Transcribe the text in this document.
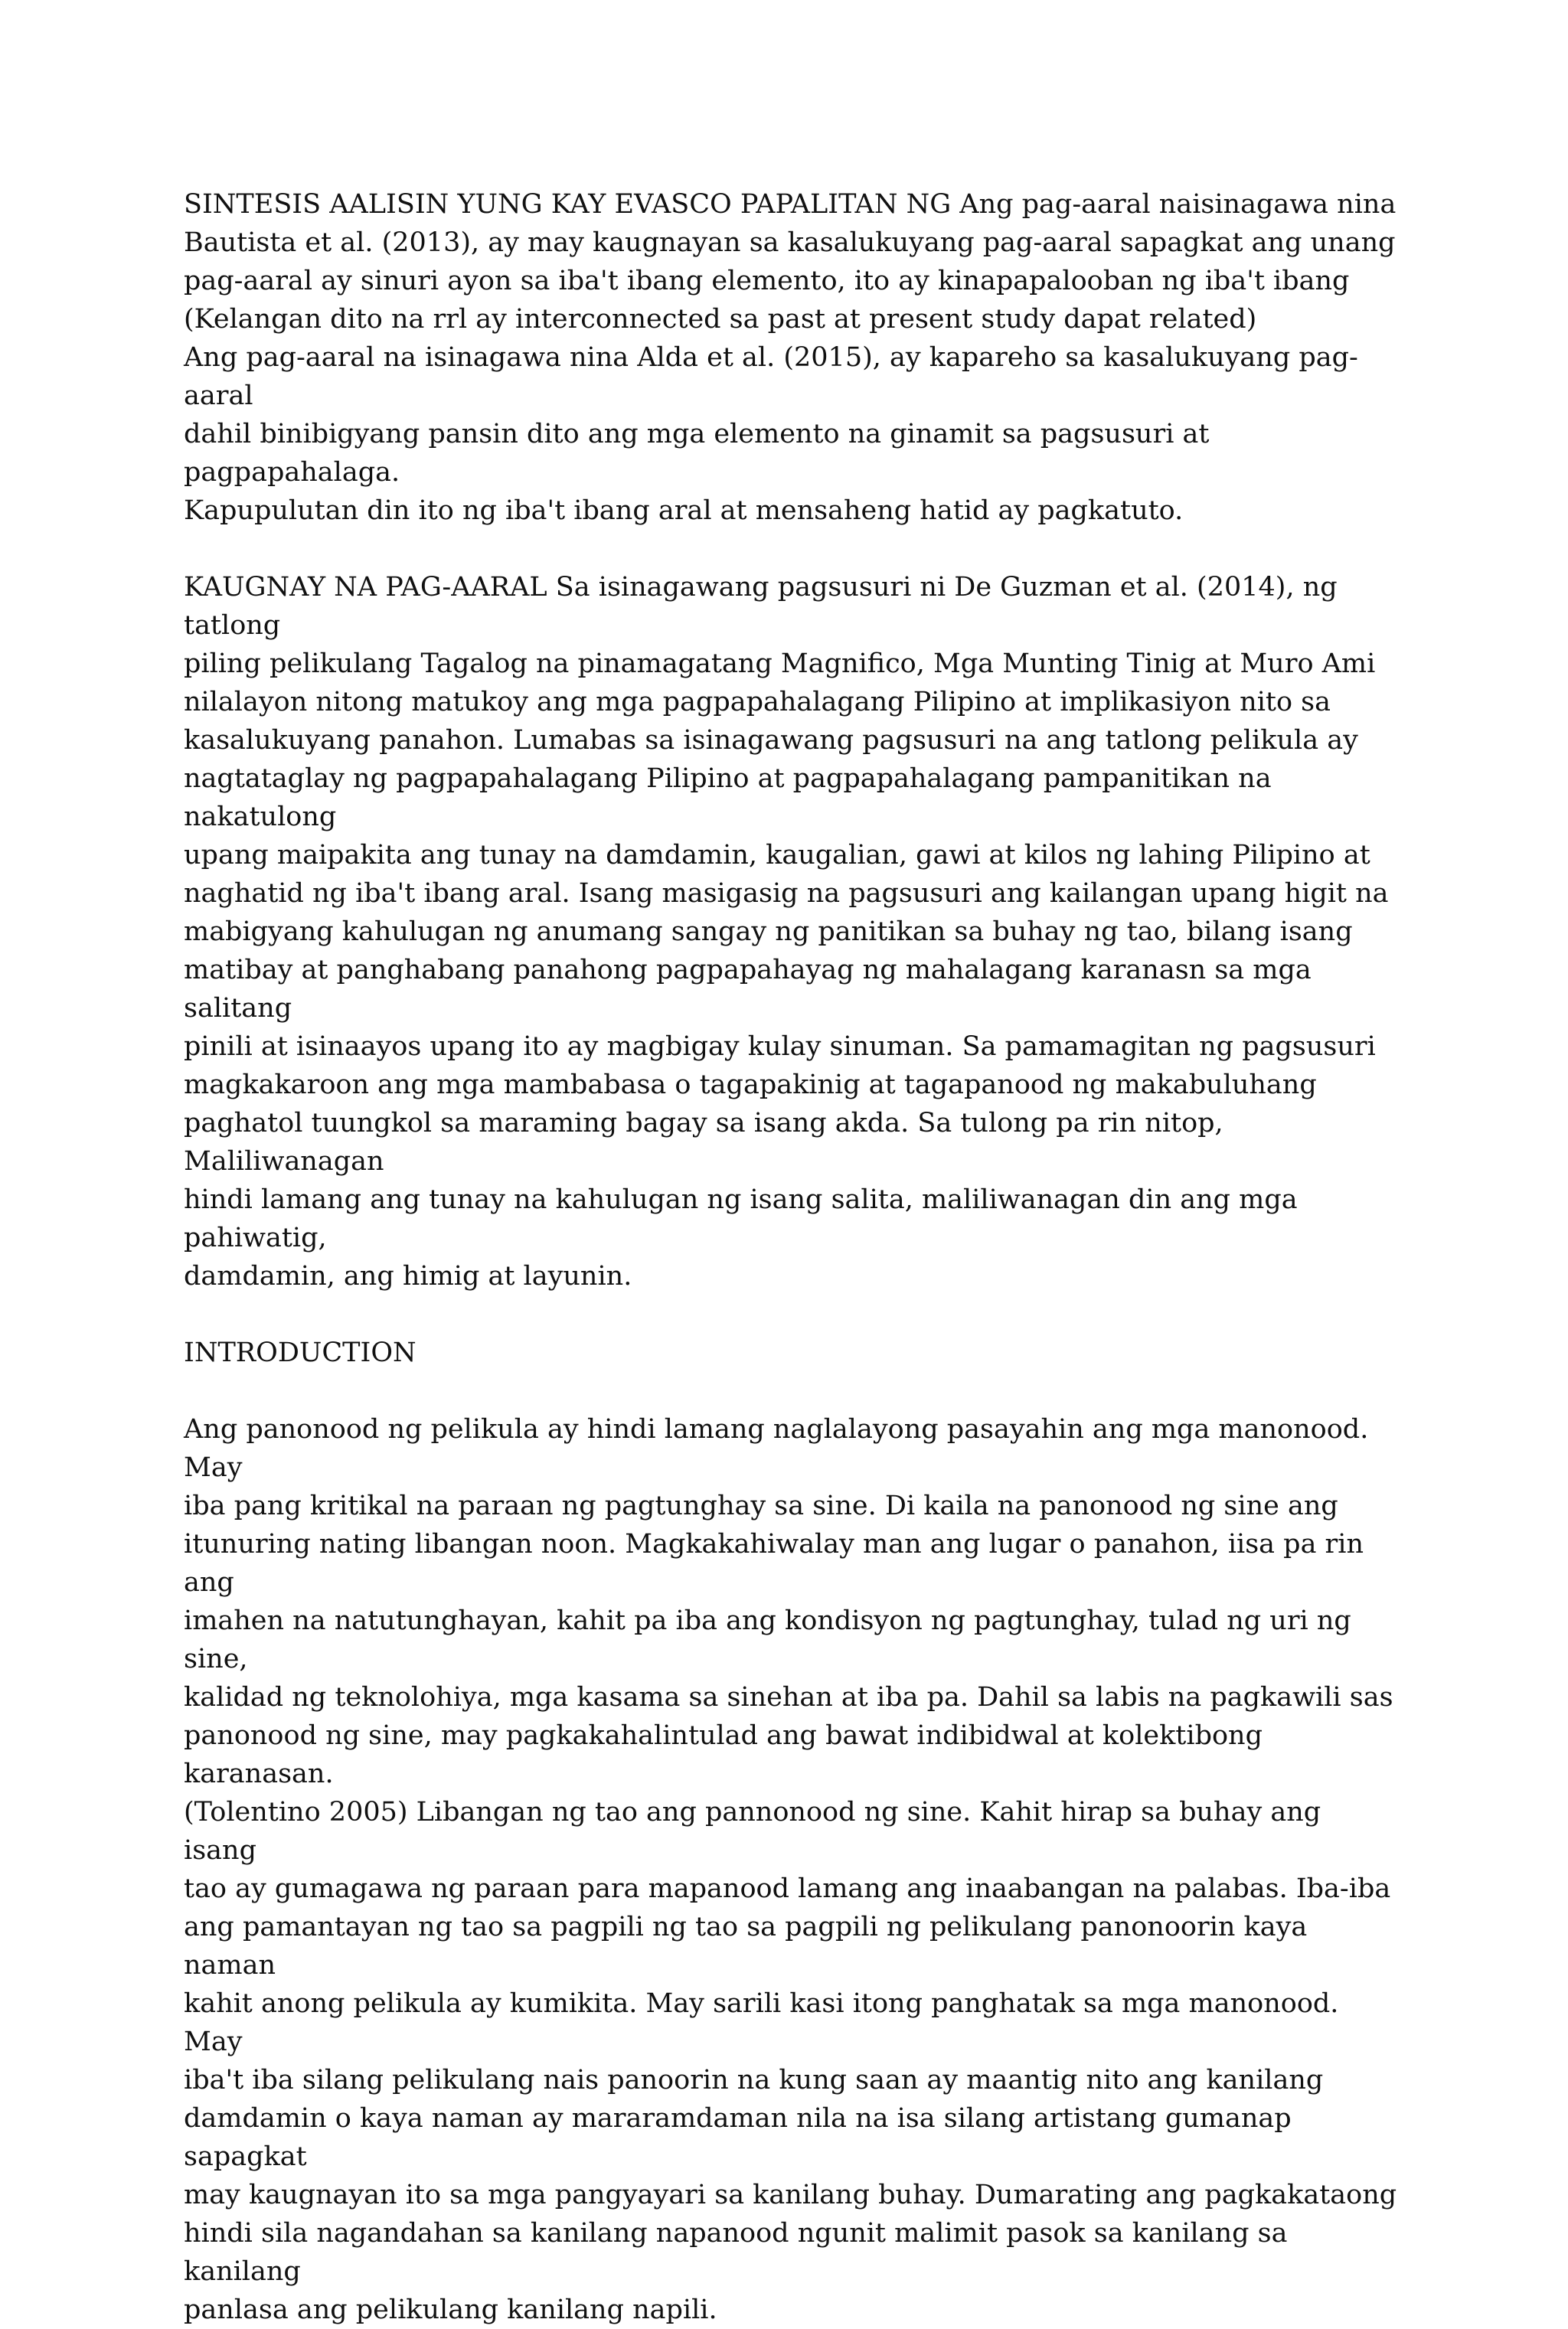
SINTESIS AALISIN YUNG KAY EVASCO PAPALITAN NG Ang pag-aaral naisinagawa nina
Bautista et al. (2013), ay may kaugnayan sa kasalukuyang pag-aaral sapagkat ang unang
pag-aaral ay sinuri ayon sa iba't ibang elemento, ito ay kinapapalooban ng iba't ibang
(Kelangan dito na rrl ay interconnected sa past at present study dapat related)
Ang pag-aaral na isinagawa nina Alda et al. (2015), ay kapareho sa kasalukuyang pag-aaral
dahil binibigyang pansin dito ang mga elemento na ginamit sa pagsusuri at pagpapahalaga.
Kapupulutan din ito ng iba't ibang aral at mensaheng hatid ay pagkatuto.

KAUGNAY NA PAG-AARAL Sa isinagawang pagsusuri ni De Guzman et al. (2014), ng tatlong
piling pelikulang Tagalog na pinamagatang Magnifico, Mga Munting Tinig at Muro Ami
nilalayon nitong matukoy ang mga pagpapahalagang Pilipino at implikasiyon nito sa
kasalukuyang panahon. Lumabas sa isinagawang pagsusuri na ang tatlong pelikula ay
nagtataglay ng pagpapahalagang Pilipino at pagpapahalagang pampanitikan na nakatulong
upang maipakita ang tunay na damdamin, kaugalian, gawi at kilos ng lahing Pilipino at
naghatid ng iba't ibang aral. Isang masigasig na pagsusuri ang kailangan upang higit na
mabigyang kahulugan ng anumang sangay ng panitikan sa buhay ng tao, bilang isang
matibay at panghabang panahong pagpapahayag ng mahalagang karanasn sa mga salitang
pinili at isinaayos upang ito ay magbigay kulay sinuman. Sa pamamagitan ng pagsusuri
magkakaroon ang mga mambabasa o tagapakinig at tagapanood ng makabuluhang
paghatol tuungkol sa maraming bagay sa isang akda. Sa tulong pa rin nitop, Maliliwanagan
hindi lamang ang tunay na kahulugan ng isang salita, maliliwanagan din ang mga pahiwatig,
damdamin, ang himig at layunin.

INTRODUCTION

Ang panonood ng pelikula ay hindi lamang naglalayong pasayahin ang mga manonood. May
iba pang kritikal na paraan ng pagtunghay sa sine. Di kaila na panonood ng sine ang
itunuring nating libangan noon. Magkakahiwalay man ang lugar o panahon, iisa pa rin ang
imahen na natutunghayan, kahit pa iba ang kondisyon ng pagtunghay, tulad ng uri ng sine,
kalidad ng teknolohiya, mga kasama sa sinehan at iba pa. Dahil sa labis na pagkawili sas
panonood ng sine, may pagkakahalintulad ang bawat indibidwal at kolektibong karanasan.
(Tolentino 2005) Libangan ng tao ang pannonood ng sine. Kahit hirap sa buhay ang isang
tao ay gumagawa ng paraan para mapanood lamang ang inaabangan na palabas. Iba-iba
ang pamantayan ng tao sa pagpili ng tao sa pagpili ng pelikulang panonoorin kaya naman
kahit anong pelikula ay kumikita. May sarili kasi itong panghatak sa mga manonood. May
iba't iba silang pelikulang nais panoorin na kung saan ay maantig nito ang kanilang
damdamin o kaya naman ay mararamdaman nila na isa silang artistang gumanap sapagkat
may kaugnayan ito sa mga pangyayari sa kanilang buhay. Dumarating ang pagkakataong
hindi sila nagandahan sa kanilang napanood ngunit malimit pasok sa kanilang sa kanilang
panlasa ang pelikulang kanilang napili.
